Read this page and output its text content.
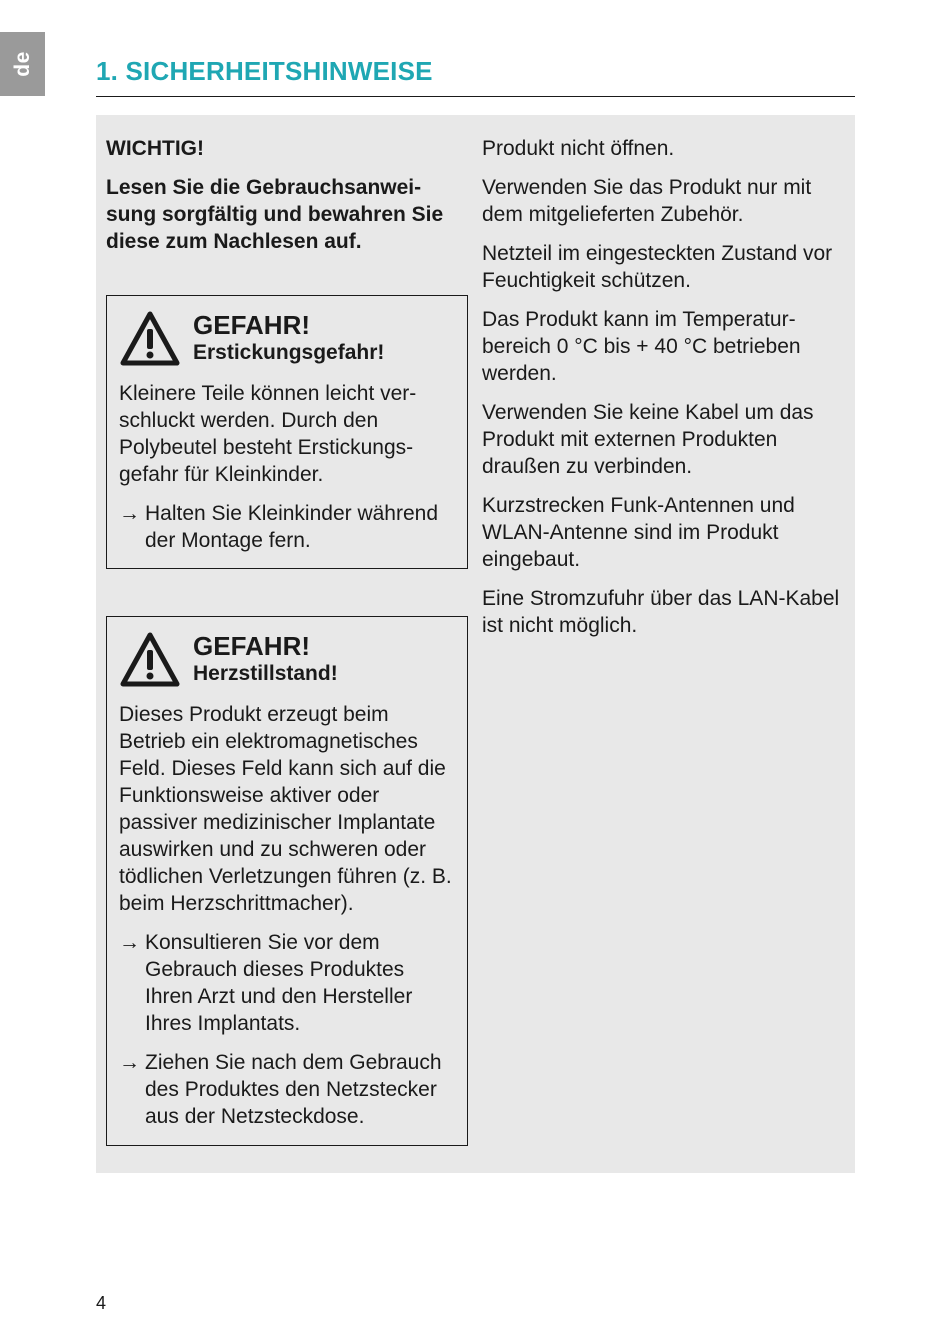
de 1. SICHERHEITSHINWEISE

WICHTIG!

Lesen Sie die Gebrauchsanwei-sung sorgfältig und bewahren Sie diese zum Nachlesen auf.

GEFAHR!
Erstickungsgefahr!

Kleinere Teile können leicht ver-schluckt werden. Durch den Polybeutel besteht Erstickungs-gefahr für Kleinkinder.

→ Halten Sie Kleinkinder während der Montage fern.
GEFAHR!
Herzstillstand!

Dieses Produkt erzeugt beim Betrieb ein elektromagnetisches Feld. Dieses Feld kann sich auf die Funktionsweise aktiver oder passiver medizinischer Implantate auswirken und zu schweren oder tödlichen Verletzungen führen (z. B. beim Herzschrittmacher).

→ Konsultieren Sie vor dem Gebrauch dieses Produktes Ihren Arzt und den Hersteller Ihres Implantats.
→ Ziehen Sie nach dem Gebrauch des Produktes den Netzstecker aus der Netzsteckdose.

Produkt nicht öffnen.

Verwenden Sie das Produkt nur mit dem mitgelieferten Zubehör.

Netzteil im eingesteckten Zustand vor Feuchtigkeit schützen.

Das Produkt kann im Temperatur-bereich 0 °C bis + 40 °C betrieben werden.

Verwenden Sie keine Kabel um das Produkt mit externen Produkten draußen zu verbinden.

Kurzstrecken Funk-Antennen und WLAN-Antenne sind im Produkt eingebaut.

Eine Stromzufuhr über das LAN-Kabel ist nicht möglich.

4
